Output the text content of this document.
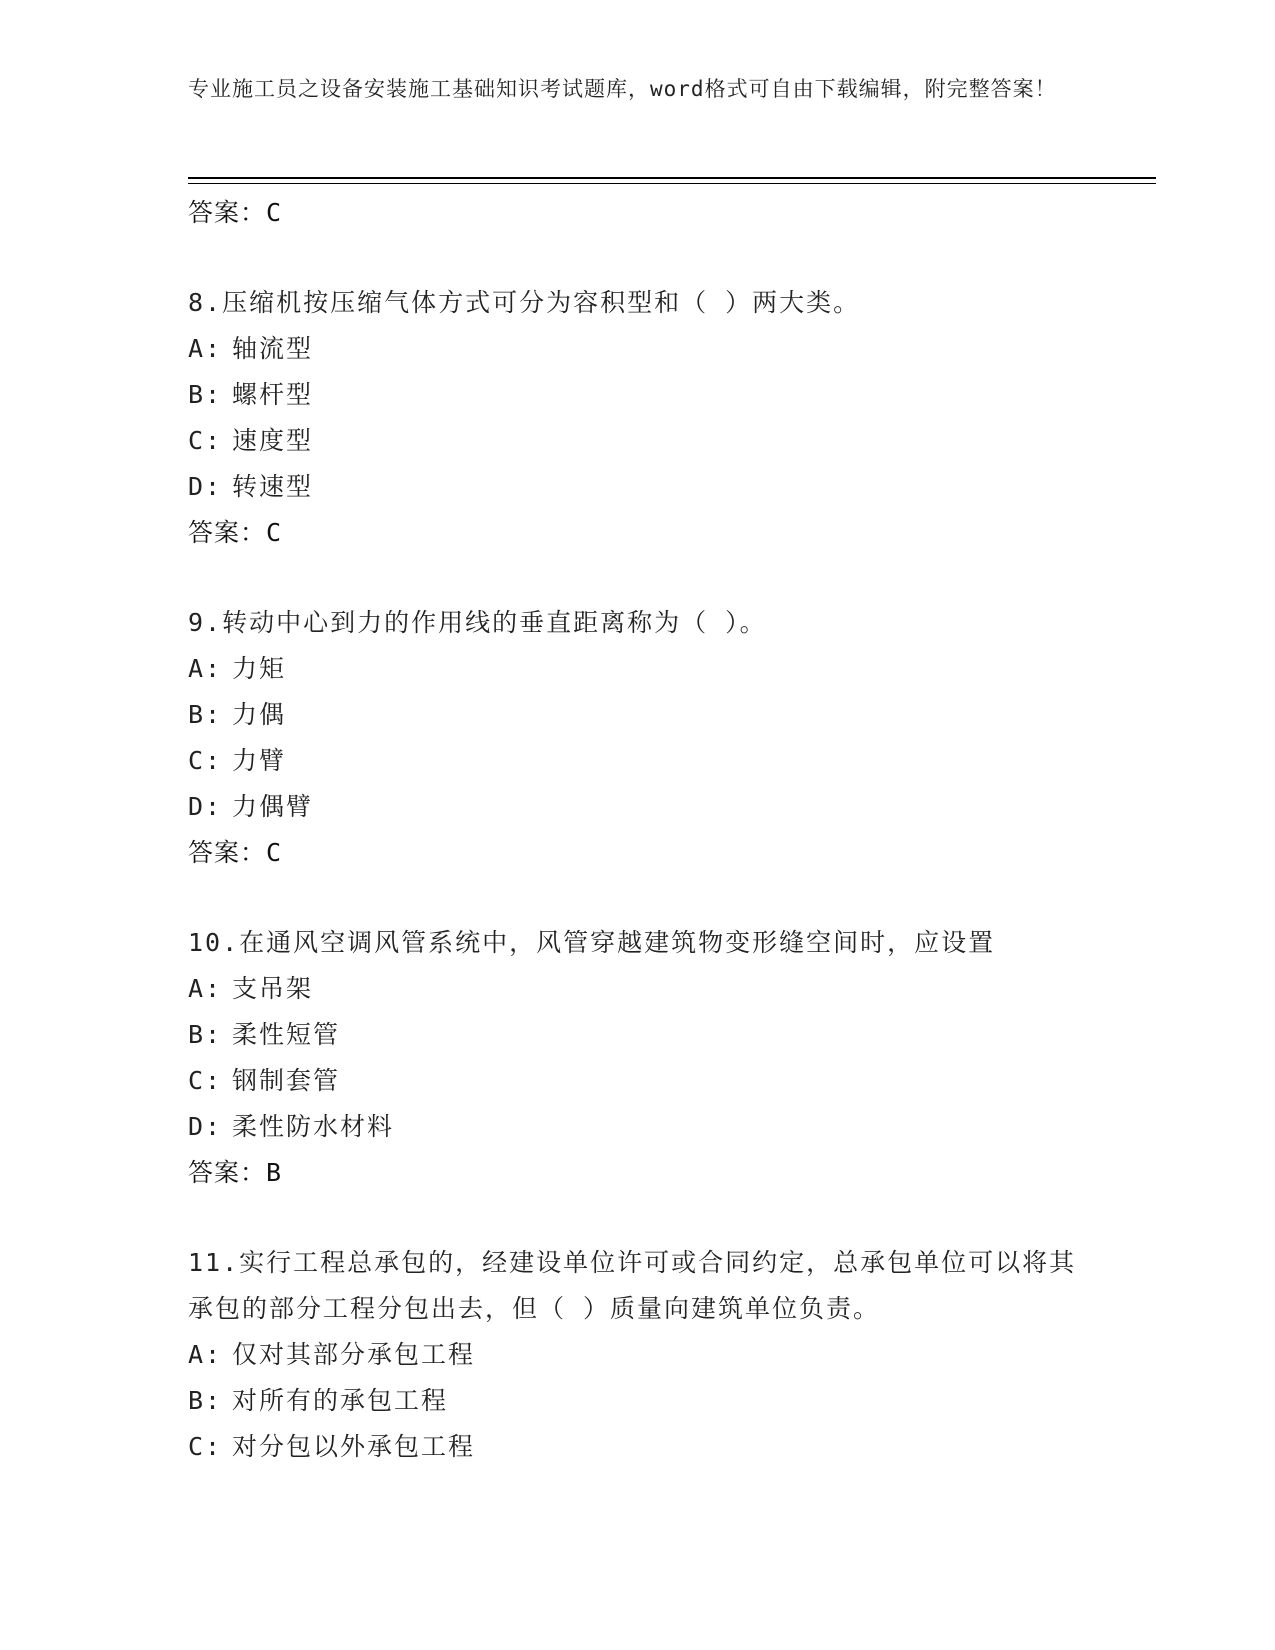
专业施工员之设备安装施工基础知识考试题库，word格式可自由下载编辑，附完整答案！
答案：C
8.压缩机按压缩气体方式可分为容积型和（ ）两大类。
A: 轴流型
B: 螺杆型
C: 速度型
D: 转速型
答案：C
9.转动中心到力的作用线的垂直距离称为（ ）。
A: 力矩
B: 力偶
C: 力臂
D: 力偶臂
答案：C
10.在通风空调风管系统中，风管穿越建筑物变形缝空间时，应设置
A: 支吊架
B: 柔性短管
C: 钢制套管
D: 柔性防水材料
答案：B
11.实行工程总承包的，经建设单位许可或合同约定，总承包单位可以将其承包的部分工程分包出去，但（ ）质量向建筑单位负责。
A: 仅对其部分承包工程
B: 对所有的承包工程
C: 对分包以外承包工程
